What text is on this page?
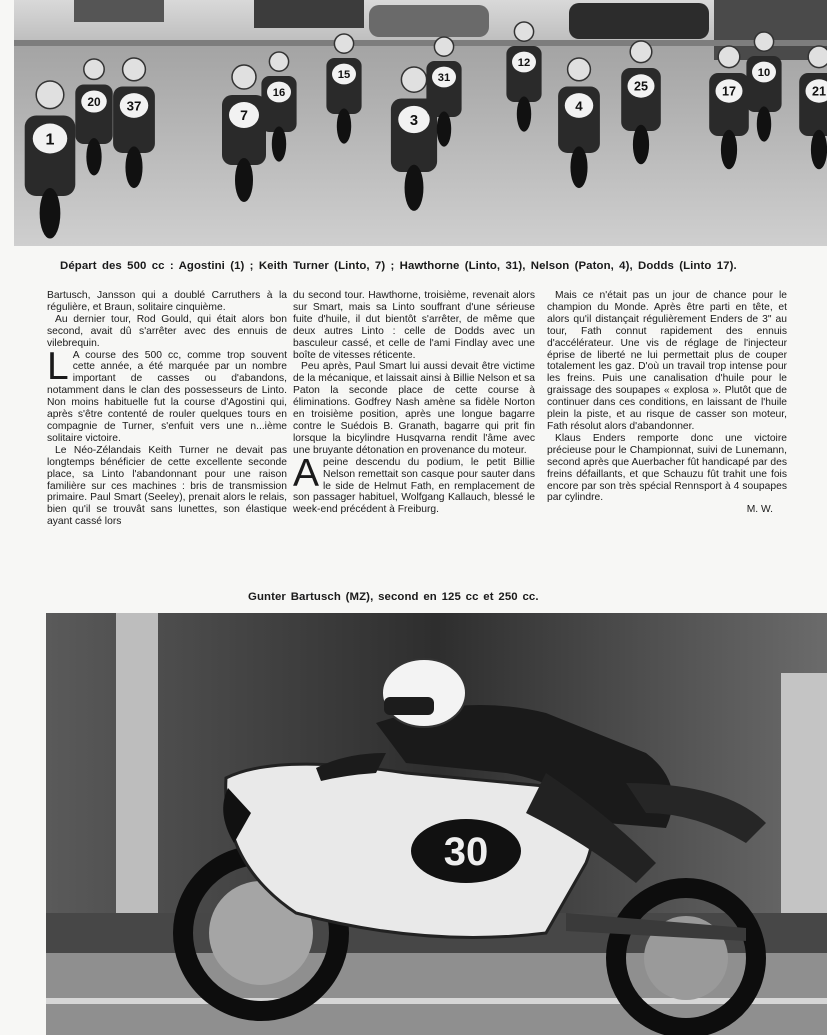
1
20 37
7
16
15
3
31
12
4
25	17
10
21
Départ des 500 cc : Agostini (1) ; Keith Turner (Linto, 7) ; Hawthorne (Linto, 31), Nelson (Paton, 4), Dodds (Linto 17).

Bartusch, Jansson qui a doublé Carruthers à la régulière, et Braun, solitaire cinquième.

Au dernier tour, Rod Gould, qui était alors bon second, avait dû s'arrêter avec des ennuis de vilebrequin.

L A course des 500 cc, comme trop souvent cette année, a été marquée par un nombre important de casses ou d'abandons, notamment dans le clan des possesseurs de Linto. Non moins habituelle fut la course d'Agostini qui, après s'être contenté de rouler quelques tours en compagnie de Turner, s'enfuit vers une n...ième solitaire victoire.

Le Néo-Zélandais Keith Turner ne devait pas longtemps bénéficier de cette excellente seconde place, sa Linto l'abandonnant pour une raison familière sur ces machines : bris de transmission primaire. Paul Smart (Seeley), prenait alors le relais, bien qu'il se trouvât sans lunettes, son élastique ayant cassé lors

du second tour. Hawthorne, troisième, revenait alors sur Smart, mais sa Linto souffrant d'une sérieuse fuite d'huile, il dut bientôt s'arrêter, de même que deux autres Linto : celle de Dodds avec un basculeur cassé, et celle de l'ami Findlay avec une boîte de vitesses réticente.

Peu après, Paul Smart lui aussi devait être victime de la mécanique, et laissait ainsi à Billie Nelson et sa Paton la seconde place de cette course à éliminations. Godfrey Nash amène sa fidèle Norton en troisième position, après une longue bagarre contre le Suédois B. Granath, bagarre qui prit fin lorsque la bicylindre Husqvarna rendit l'âme avec une bruyante détonation en provenance du moteur.

Apeine descendu du podium, le petit Billie Nelson remettait son casque pour sauter dans le side de Helmut Fath, en remplacement de son passager habituel, Wolfgang Kallauch, blessé le week-end précédent à Freiburg.

Mais ce n'était pas un jour de chance pour le champion du Monde. Après être parti en tête, et alors qu'il distançait régulièrement Enders de 3" au tour, Fath connut rapidement des ennuis d'accélérateur. Une vis de réglage de l'injecteur éprise de liberté ne lui permettait plus de couper totalement les gaz. D'où un travail trop intense pour les freins. Puis une canalisation d'huile pour le graissage des soupapes « explosa ». Plutôt que de continuer dans ces conditions, en laissant de l'huile plein la piste, et au risque de casser son moteur, Fath résolut alors d'abandonner.

Klaus Enders remporte donc une victoire précieuse pour le Championnat, suivi de Lunemann, second après que Auerbacher fût handicapé par des freins défaillants, et que Schauzu fût trahit une fois encore par son très spécial Rennsport à 4 soupapes par cylindre.

M. W.

Gunter Bartusch (MZ), second en 125 cc et 250 cc.
30
